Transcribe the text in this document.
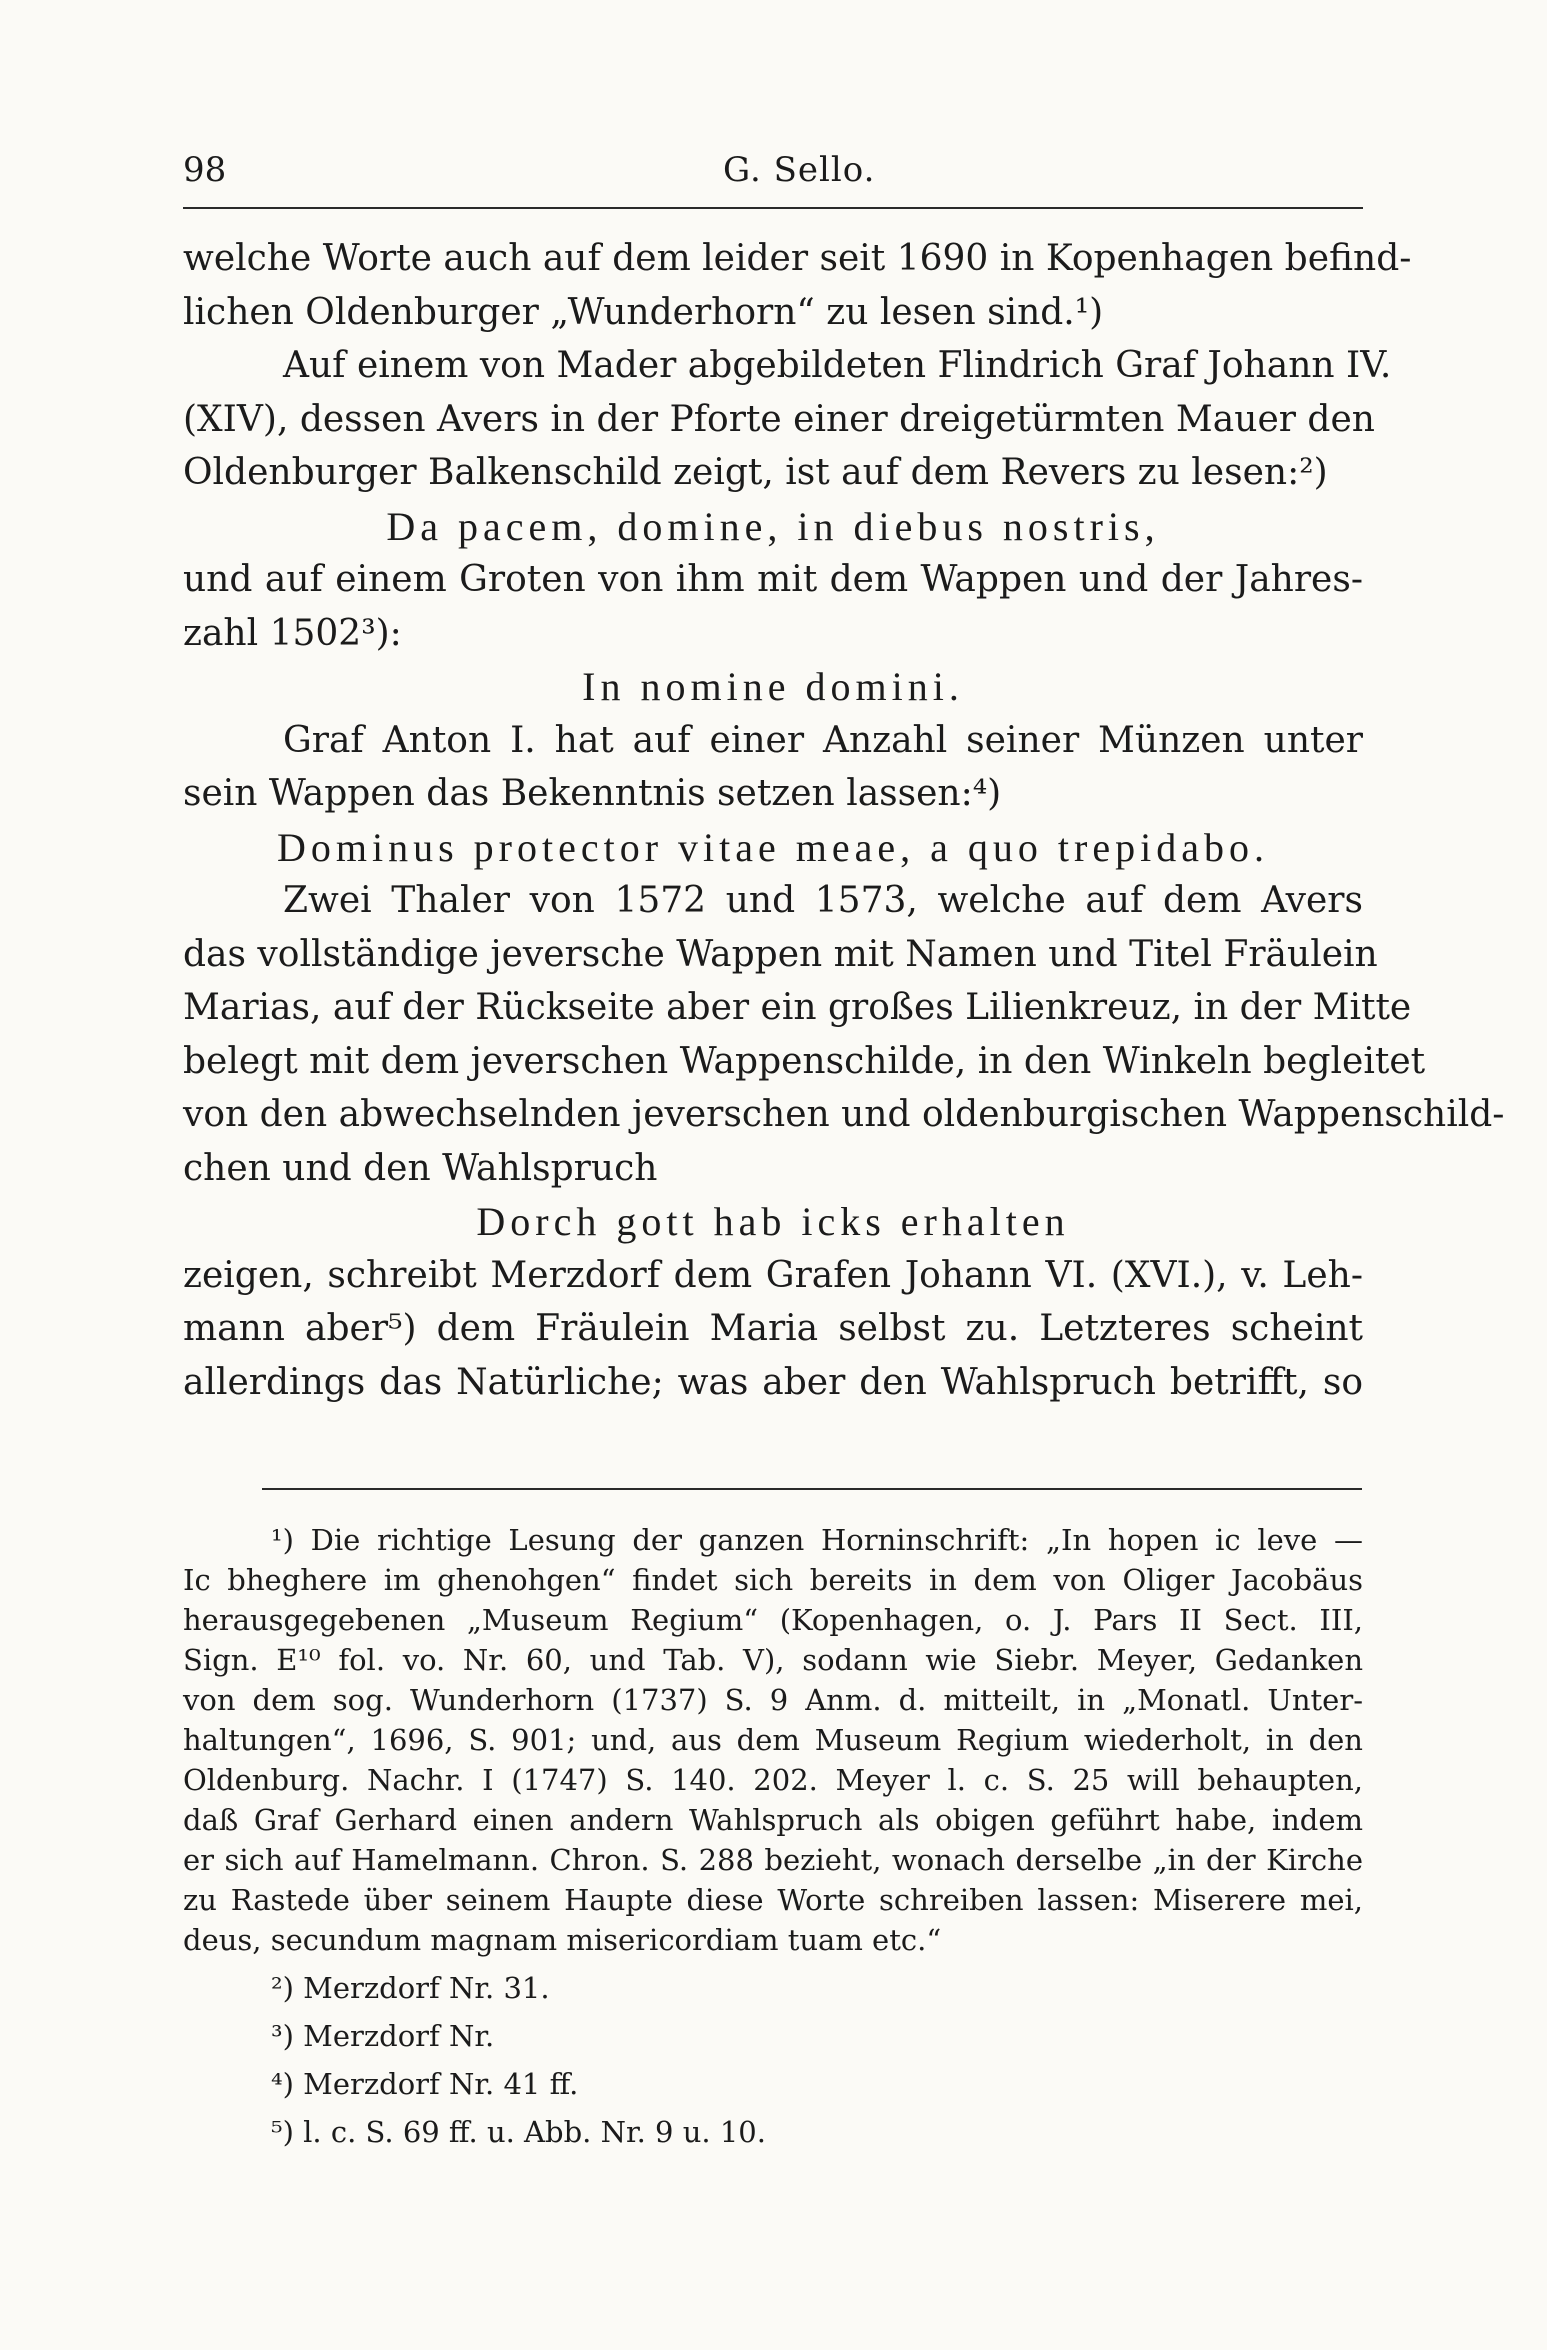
98	G. Sello.
welche Worte auch auf dem leider seit 1690 in Kopenhagen befind-
lichen Oldenburger „Wunderhorn“ zu lesen sind.¹)
Auf einem von Mader abgebildeten Flindrich Graf Johann IV.
(XIV), dessen Avers in der Pforte einer dreigetürmten Mauer den
Oldenburger Balkenschild zeigt, ist auf dem Revers zu lesen:²)
Da pacem, domine, in diebus nostris,
und auf einem Groten von ihm mit dem Wappen und der Jahres-
zahl 1502³):
In nomine domini.
Graf Anton I. hat auf einer Anzahl seiner Münzen unter
sein Wappen das Bekenntnis setzen lassen:⁴)
Dominus protector vitae meae, a quo trepidabo.
Zwei Thaler von 1572 und 1573, welche auf dem Avers
das vollständige jeversche Wappen mit Namen und Titel Fräulein
Marias, auf der Rückseite aber ein großes Lilienkreuz, in der Mitte
belegt mit dem jeverschen Wappenschilde, in den Winkeln begleitet
von den abwechselnden jeverschen und oldenburgischen Wappenschild-
chen und den Wahlspruch
Dorch gott hab icks erhalten
zeigen, schreibt Merzdorf dem Grafen Johann VI. (XVI.), v. Leh-
mann aber⁵) dem Fräulein Maria selbst zu. Letzteres scheint
allerdings das Natürliche; was aber den Wahlspruch betrifft, so
¹) Die richtige Lesung der ganzen Horninschrift: „In hopen ic leve —
Ic bheghere im ghenohgen“ findet sich bereits in dem von Oliger Jacobäus
herausgegebenen „Museum Regium“ (Kopenhagen, o. J. Pars II Sect. III,
Sign. E¹⁰ fol. vo. Nr. 60, und Tab. V), sodann wie Siebr. Meyer, Gedanken
von dem sog. Wunderhorn (1737) S. 9 Anm. d. mitteilt, in „Monatl. Unter-
haltungen“, 1696, S. 901; und, aus dem Museum Regium wiederholt, in den
Oldenburg. Nachr. I (1747) S. 140. 202. Meyer l. c. S. 25 will behaupten,
daß Graf Gerhard einen andern Wahlspruch als obigen geführt habe, indem
er sich auf Hamelmann. Chron. S. 288 bezieht, wonach derselbe „in der Kirche
zu Rastede über seinem Haupte diese Worte schreiben lassen: Miserere mei,
deus, secundum magnam misericordiam tuam etc.“
²) Merzdorf Nr. 31.
³) Merzdorf Nr.
⁴) Merzdorf Nr. 41 ff.
⁵) l. c. S. 69 ff. u. Abb. Nr. 9 u. 10.
